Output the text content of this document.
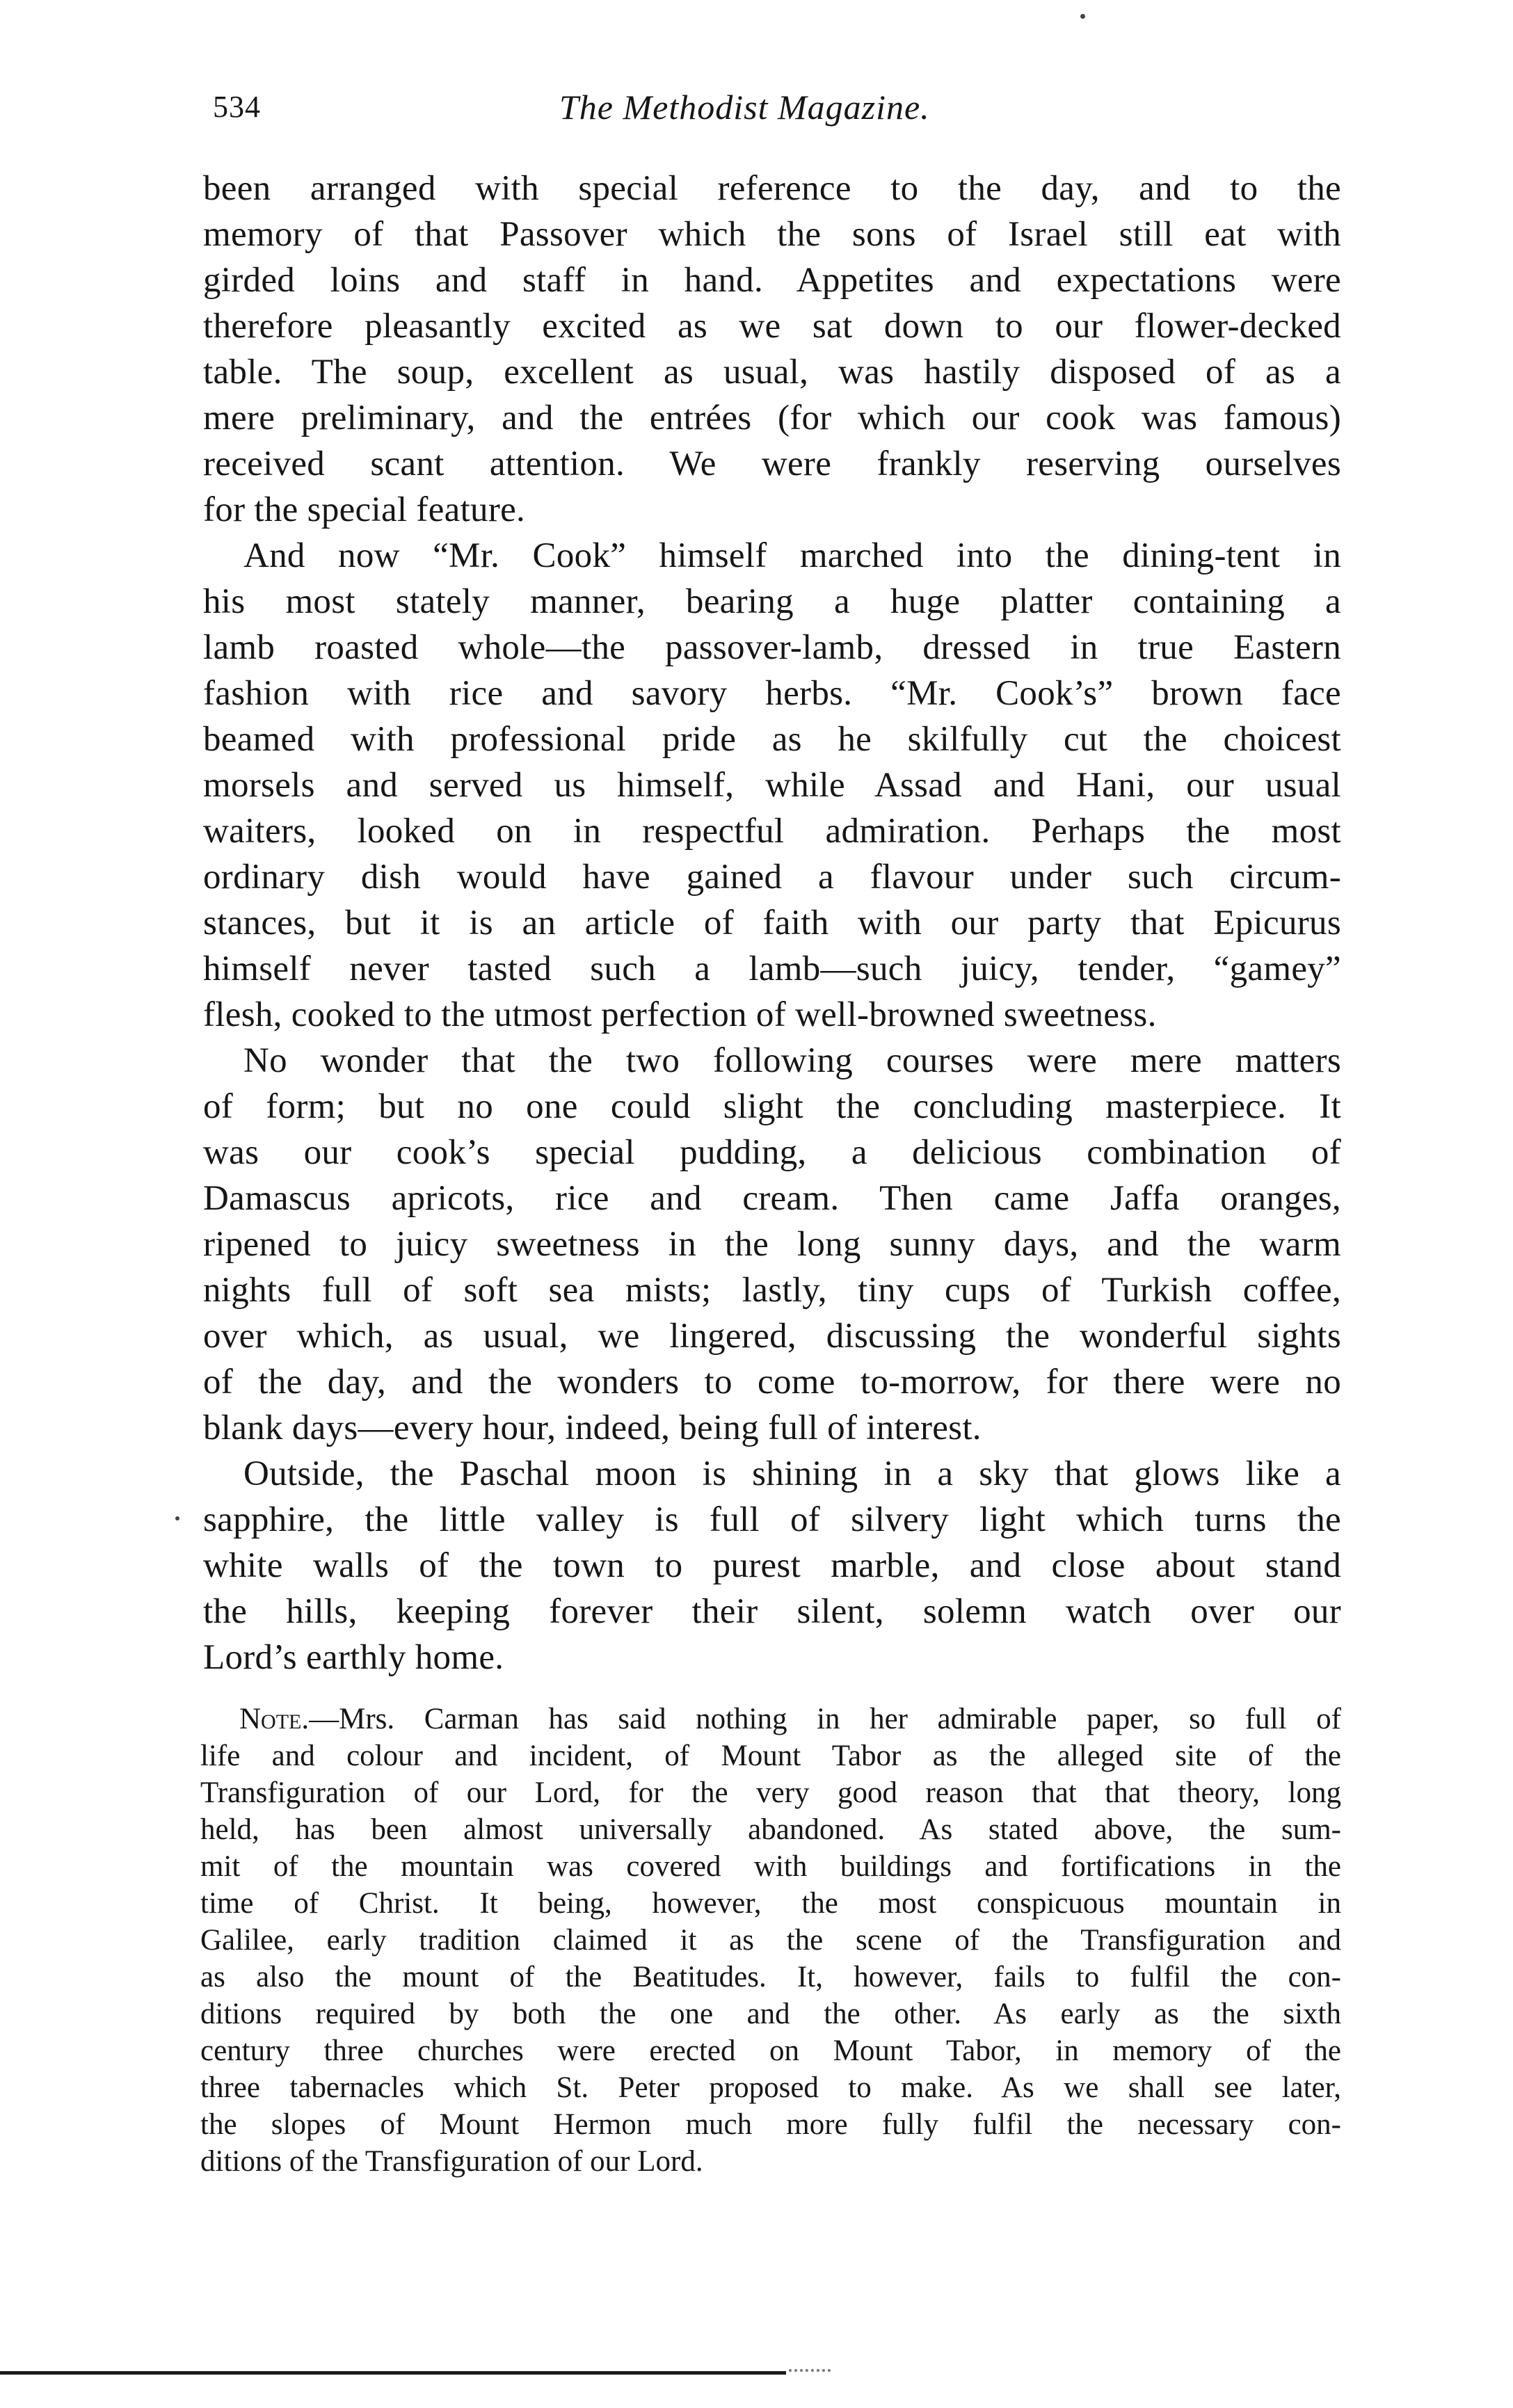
534	The Methodist Magazine.
been arranged with special reference to the day, and to the
memory of that Passover which the sons of Israel still eat with
girded loins and staff in hand. Appetites and expectations were
therefore pleasantly excited as we sat down to our flower-decked
table. The soup, excellent as usual, was hastily disposed of as a
mere preliminary, and the entrées (for which our cook was famous)
received scant attention. We were frankly reserving ourselves
for the special feature.
And now “Mr. Cook” himself marched into the dining-tent in
his most stately manner, bearing a huge platter containing a
lamb roasted whole—the passover-lamb, dressed in true Eastern
fashion with rice and savory herbs. “Mr. Cook’s” brown face
beamed with professional pride as he skilfully cut the choicest
morsels and served us himself, while Assad and Hani, our usual
waiters, looked on in respectful admiration. Perhaps the most
ordinary dish would have gained a flavour under such circum-
stances, but it is an article of faith with our party that Epicurus
himself never tasted such a lamb—such juicy, tender, “gamey”
flesh, cooked to the utmost perfection of well-browned sweetness.
No wonder that the two following courses were mere matters
of form; but no one could slight the concluding masterpiece. It
was our cook’s special pudding, a delicious combination of
Damascus apricots, rice and cream. Then came Jaffa oranges,
ripened to juicy sweetness in the long sunny days, and the warm
nights full of soft sea mists; lastly, tiny cups of Turkish coffee,
over which, as usual, we lingered, discussing the wonderful sights
of the day, and the wonders to come to-morrow, for there were no
blank days—every hour, indeed, being full of interest.
Outside, the Paschal moon is shining in a sky that glows like a
sapphire, the little valley is full of silvery light which turns the
white walls of the town to purest marble, and close about stand
the hills, keeping forever their silent, solemn watch over our
Lord’s earthly home.
Note.—Mrs. Carman has said nothing in her admirable paper, so full of
life and colour and incident, of Mount Tabor as the alleged site of the
Transfiguration of our Lord, for the very good reason that that theory, long
held, has been almost universally abandoned. As stated above, the sum-
mit of the mountain was covered with buildings and fortifications in the
time of Christ. It being, however, the most conspicuous mountain in
Galilee, early tradition claimed it as the scene of the Transfiguration and
as also the mount of the Beatitudes. It, however, fails to fulfil the con-
ditions required by both the one and the other. As early as the sixth
century three churches were erected on Mount Tabor, in memory of the
three tabernacles which St. Peter proposed to make. As we shall see later,
the slopes of Mount Hermon much more fully fulfil the necessary con-
ditions of the Transfiguration of our Lord.
